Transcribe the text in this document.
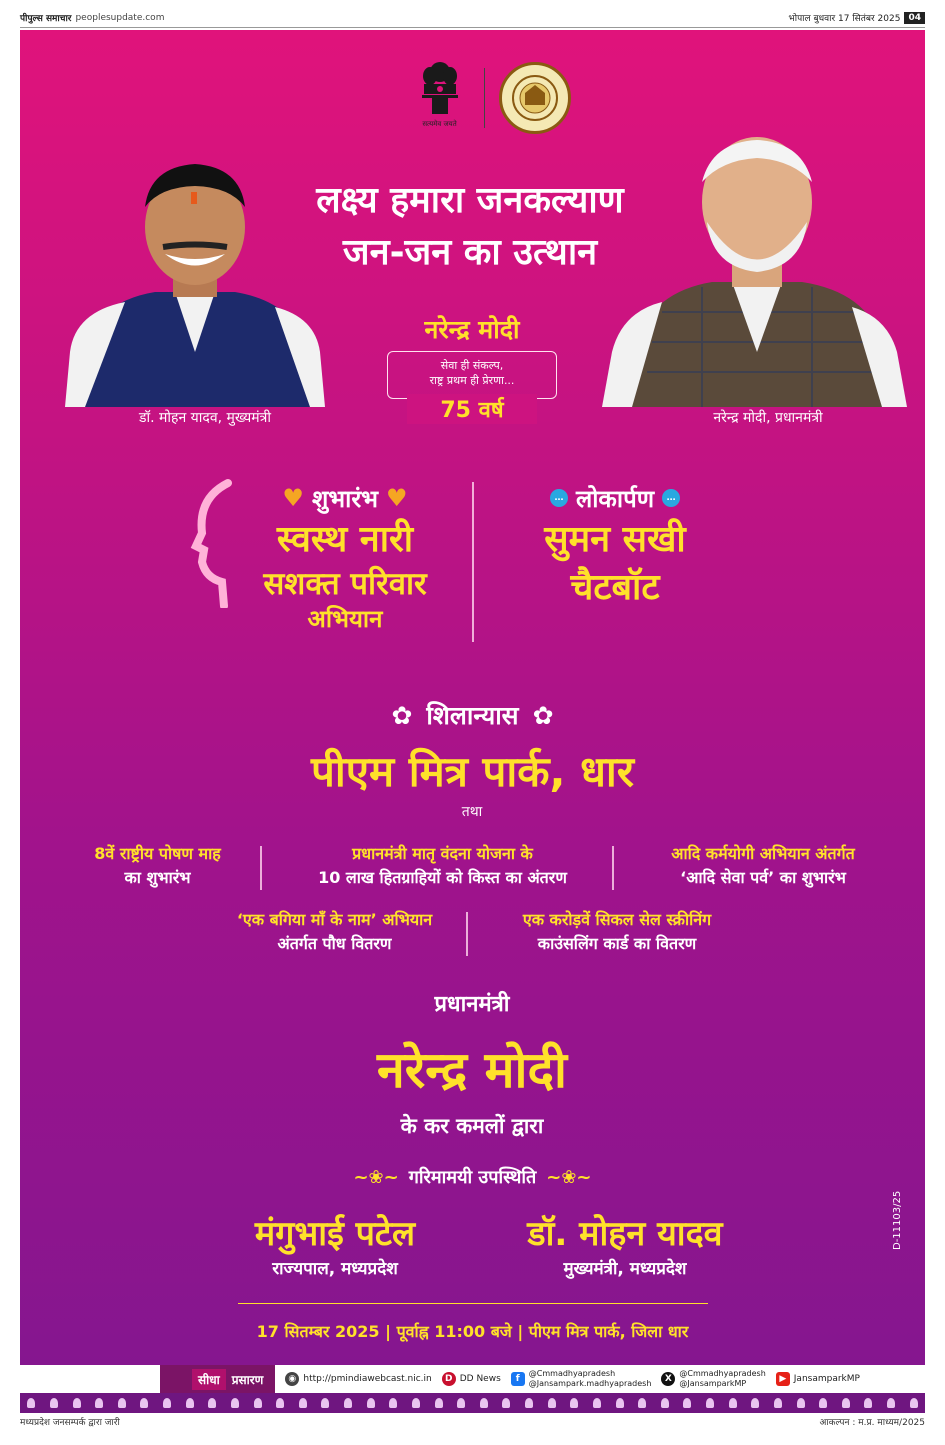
पीपुल्स समाचार peoplesupdate.com	भोपाल बुधवार 17 सितंबर 2025 04
सत्यमेव जयते
डॉ. मोहन यादव, मुख्यमंत्री	नरेन्द्र मोदी, प्रधानमंत्री
लक्ष्य हमारा जनकल्याण
जन-जन का उत्थान
नरेन्द्र मोदी
सेवा ही संकल्प,
राष्ट्र प्रथम ही प्रेरणा...
75 वर्ष
♥ शुभारंभ ♥
स्वस्थ नारी
सशक्त परिवार
अभियान
… लोकार्पण	…
सुमन सखी
चैटबॉट
✿ शिलान्यास ✿
पीएम मित्र पार्क, धार
तथा
8वें राष्ट्रीय पोषण माह
का शुभारंभ
प्रधानमंत्री मातृ वंदना योजना के
10 लाख हितग्राहियों को किस्त का अंतरण
आदि कर्मयोगी अभियान अंतर्गत
‘आदि सेवा पर्व’ का शुभारंभ
‘एक बगिया माँ के नाम’ अभियान
अंतर्गत पौध वितरण
एक करोड़वें सिकल सेल स्क्रीनिंग
काउंसलिंग कार्ड का वितरण
प्रधानमंत्री
नरेन्द्र मोदी
के कर कमलों द्वारा
~❀~ गरिमामयी उपस्थिति ~❀~
मंगुभाई पटेल
राज्यपाल, मध्यप्रदेश
डॉ. मोहन यादव
मुख्यमंत्री, मध्यप्रदेश
17 सितम्बर 2025 | पूर्वाह्न 11:00 बजे | पीएम मित्र पार्क, जिला धार
D-11103/25
सीधा	प्रसारण	◉ http://pmindiawebcast.nic.in	D DD News	f
@Cmmadhyapradesh
@Jansampark.madhyapradesh	X
@Cmmadhyapradesh
@JansamparkMP	▶ JansamparkMP
मध्यप्रदेश जनसम्पर्क द्वारा जारी	आकल्पन : म.प्र. माध्यम/2025
